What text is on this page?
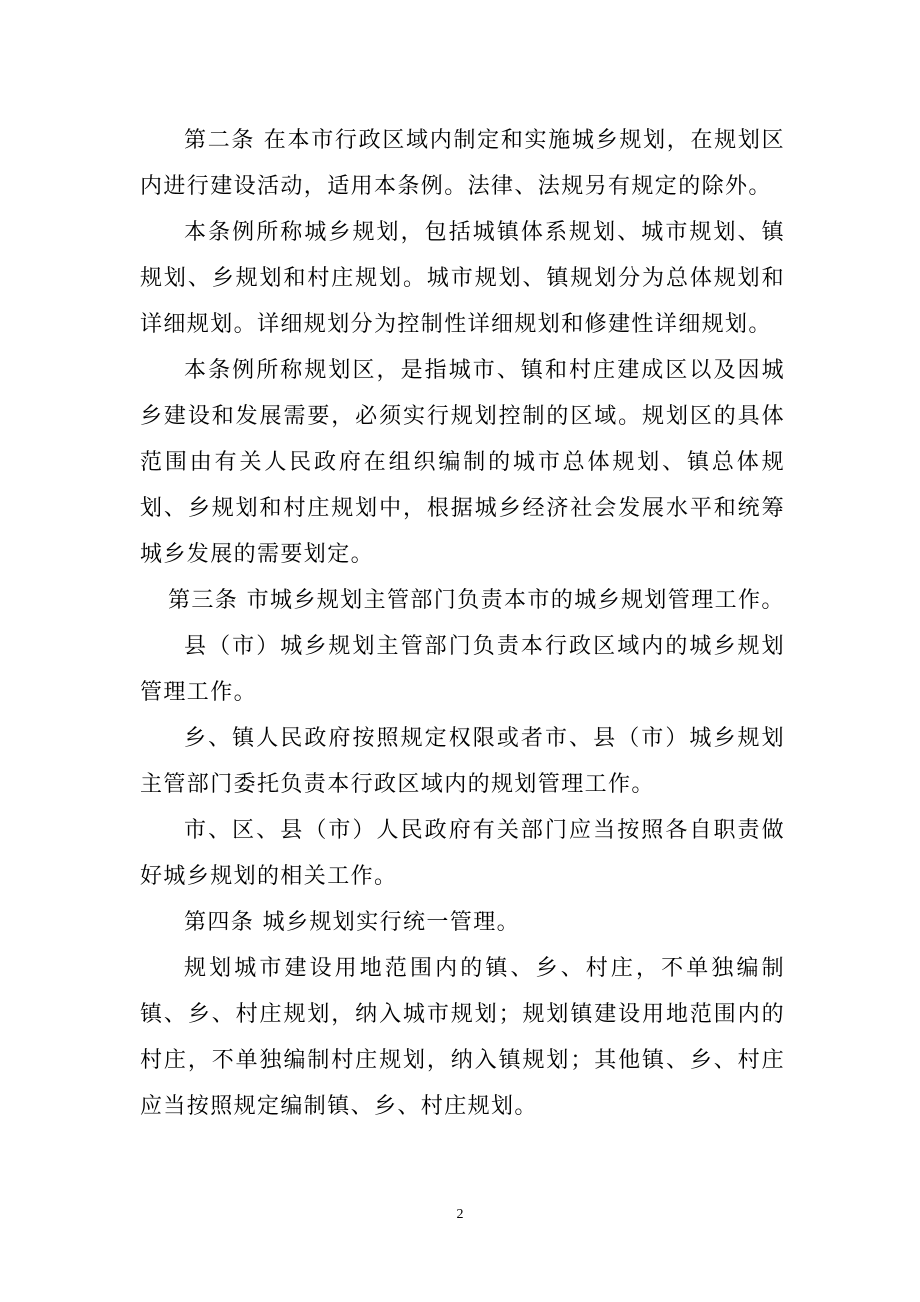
第二条 在本市行政区域内制定和实施城乡规划，在规划区内进行建设活动，适用本条例。法律、法规另有规定的除外。

本条例所称城乡规划，包括城镇体系规划、城市规划、镇规划、乡规划和村庄规划。城市规划、镇规划分为总体规划和详细规划。详细规划分为控制性详细规划和修建性详细规划。

本条例所称规划区，是指城市、镇和村庄建成区以及因城乡建设和发展需要，必须实行规划控制的区域。规划区的具体范围由有关人民政府在组织编制的城市总体规划、镇总体规划、乡规划和村庄规划中，根据城乡经济社会发展水平和统筹城乡发展的需要划定。

第三条 市城乡规划主管部门负责本市的城乡规划管理工作。

县（市）城乡规划主管部门负责本行政区域内的城乡规划管理工作。

乡、镇人民政府按照规定权限或者市、县（市）城乡规划主管部门委托负责本行政区域内的规划管理工作。

市、区、县（市）人民政府有关部门应当按照各自职责做好城乡规划的相关工作。

第四条 城乡规划实行统一管理。

规划城市建设用地范围内的镇、乡、村庄，不单独编制镇、乡、村庄规划，纳入城市规划；规划镇建设用地范围内的村庄，不单独编制村庄规划，纳入镇规划；其他镇、乡、村庄应当按照规定编制镇、乡、村庄规划。

2
